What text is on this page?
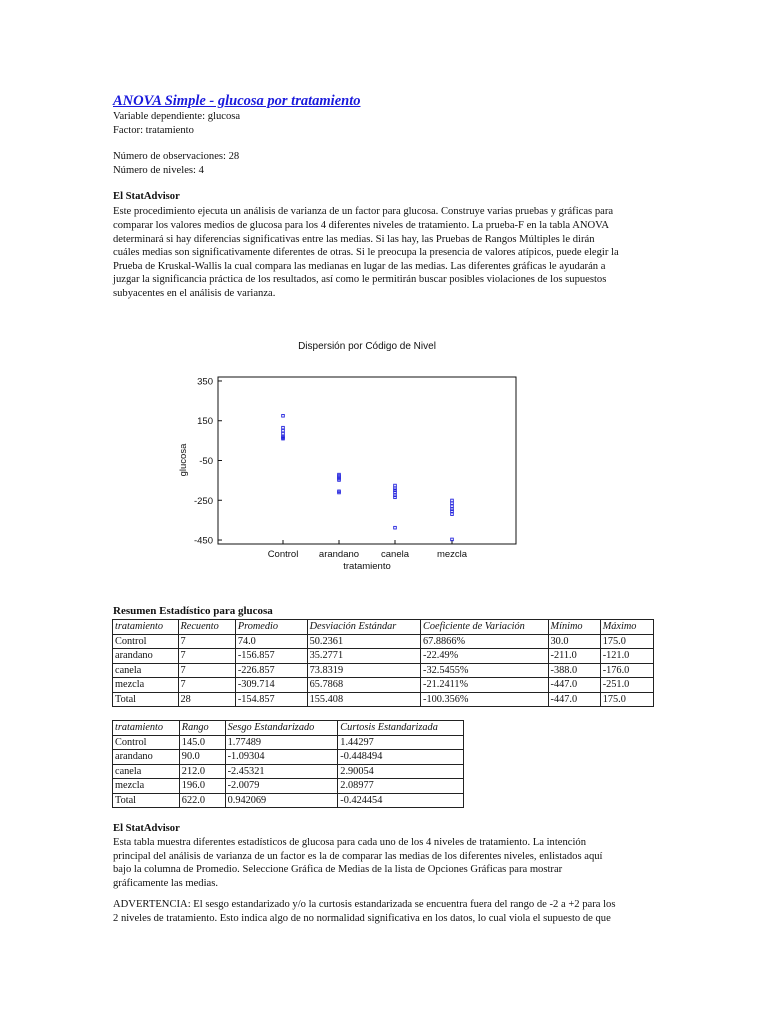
ANOVA Simple - glucosa por tratamiento
Variable dependiente: glucosa
Factor: tratamiento
Número de observaciones: 28
Número de niveles: 4
El StatAdvisor
Este procedimiento ejecuta un análisis de varianza de un factor para glucosa. Construye varias pruebas y gráficas para
comparar los valores medios de glucosa para los 4 diferentes niveles de tratamiento. La prueba-F en la tabla ANOVA
determinará si hay diferencias significativas entre las medias. Si las hay, las Pruebas de Rangos Múltiples le dirán
cuáles medias son significativamente diferentes de otras. Si le preocupa la presencia de valores atípicos, puede elegir la
Prueba de Kruskal-Wallis la cual compara las medianas en lugar de las medias. Las diferentes gráficas le ayudarán a
juzgar la significancia práctica de los resultados, así como le permitirán buscar posibles violaciones de los supuestos
subyacentes en el análisis de varianza.
Dispersión por Código de Nivel
350
150
-50
-250
-450
Control arandano canela	mezcla
tratamiento
glucosa
Resumen Estadístico para glucosa
tratamiento	Recuento	Promedio	Desviación Estándar	Coeficiente de Variación	Mínimo	Máximo
Control	7	74.0	50.2361	67.8866%	30.0	175.0
arandano	7	-156.857	35.2771	-22.49%	-211.0	-121.0
canela	7	-226.857	73.8319	-32.5455%	-388.0	-176.0
mezcla	7	-309.714	65.7868	-21.2411%	-447.0	-251.0
Total	28	-154.857	155.408	-100.356%	-447.0	175.0
tratamiento	Rango	Sesgo Estandarizado	Curtosis Estandarizada
Control	145.0	1.77489	1.44297
arandano	90.0	-1.09304	-0.448494
canela	212.0	-2.45321	2.90054
mezcla	196.0	-2.0079	2.08977
Total	622.0	0.942069	-0.424454
El StatAdvisor
Esta tabla muestra diferentes estadísticos de glucosa para cada uno de los 4 niveles de tratamiento. La intención
principal del análisis de varianza de un factor es la de comparar las medias de los diferentes niveles, enlistados aquí
bajo la columna de Promedio. Seleccione Gráfica de Medias de la lista de Opciones Gráficas para mostrar
gráficamente las medias.
ADVERTENCIA: El sesgo estandarizado y/o la curtosis estandarizada se encuentra fuera del rango de -2 a +2 para los
2 niveles de tratamiento. Esto indica algo de no normalidad significativa en los datos, lo cual viola el supuesto de que
